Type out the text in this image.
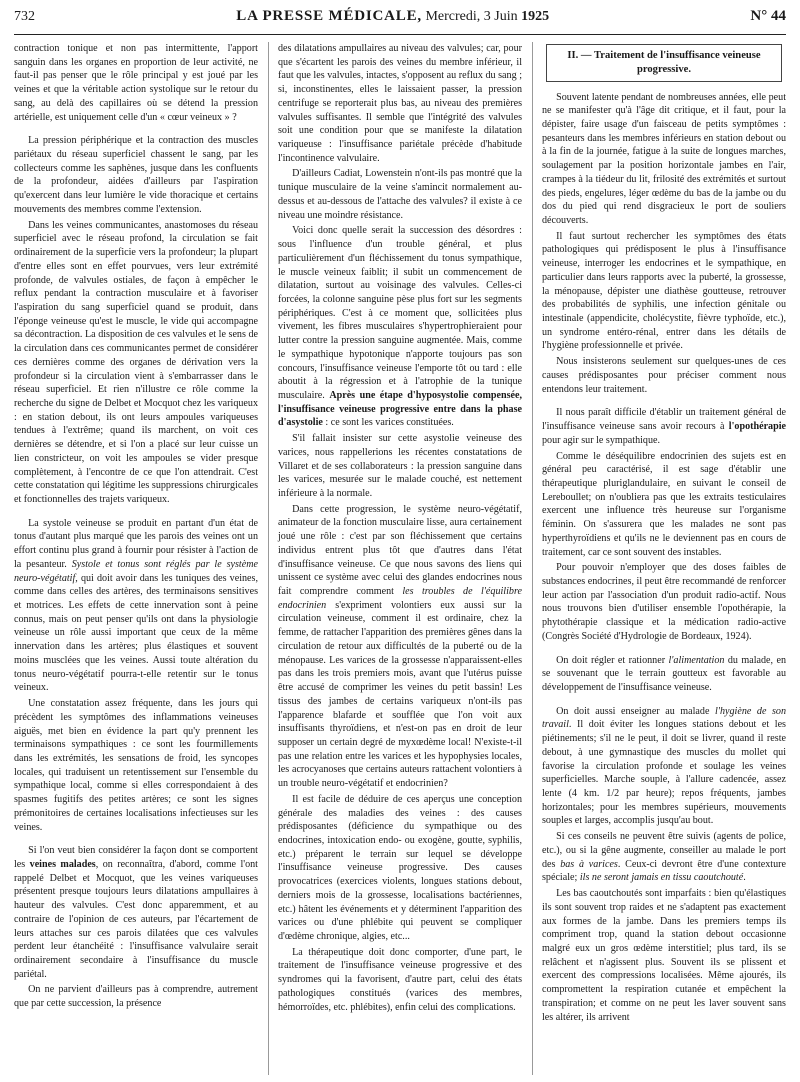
732	LA PRESSE MÉDICALE, Mercredi, 3 Juin 1925	N° 44

contraction tonique et non pas intermittente, l'apport sanguin dans les organes en proportion de leur activité, ne faut-il pas penser que le rôle principal y est joué par les veines et que la véritable action systolique sur le retour du sang, au delà des capillaires où se détend la pression artérielle, est uniquement celle d'un « cœur veineux » ?

La pression périphérique et la contraction des muscles pariétaux du réseau superficiel chassent le sang, par les collecteurs comme les saphènes, jusque dans les confluents de la profondeur, aidées d'ailleurs par l'aspiration qu'exercent dans leur lumière le vide thoracique et certains mouvements des membres comme l'extension.

Dans les veines communicantes, anastomoses du réseau superficiel avec le réseau profond, la circulation se fait ordinairement de la superficie vers la profondeur; la plupart d'entre elles sont en effet pourvues, vers leur extrémité profonde, de valvules ostiales, de façon à empêcher le reflux pendant la contraction musculaire et à favoriser l'aspiration du sang superficiel quand se produit, dans l'éponge veineuse qu'est le muscle, le vide qui accompagne sa décontraction. La disposition de ces valvules et le sens de la circulation dans ces communicantes permet de considérer ces dernières comme des organes de dérivation vers la profondeur si la circulation vient à s'embarrasser dans le réseau superficiel. Et rien n'illustre ce rôle comme la recherche du signe de Delbet et Mocquot chez les variqueux : en station debout, ils ont leurs ampoules variqueuses tendues à l'extrême; quand ils marchent, on voit ces dernières se détendre, et si l'on a placé sur leur cuisse un lien constricteur, on voit les ampoules se vider presque complètement, à l'encontre de ce que l'on attendrait. C'est cette constatation qui légitime les suppressions chirurgicales et fonctionnelles des trajets variqueux.

La systole veineuse se produit en partant d'un état de tonus d'autant plus marqué que les parois des veines ont un effort continu plus grand à fournir pour résister à l'action de la pesanteur. Systole et tonus sont réglés par le système neuro-végétatif, qui doit avoir dans les tuniques des veines, comme dans celles des artères, des terminaisons sensitives et motrices. Les effets de cette innervation sont à peine connus, mais on peut penser qu'ils ont dans la physiologie veineuse un rôle aussi important que ceux de la même innervation dans les artères; plus élastiques et souvent moins musclées que les veines. Aussi toute altération du tonus neuro-végétatif pourra-t-elle retentir sur le tonus veineux.

Une constatation assez fréquente, dans les jours qui précèdent les symptômes des inflammations veineuses aiguës, met bien en évidence la part qu'y prennent les terminaisons sympathiques : ce sont les fourmillements dans les extrémités, les sensations de froid, les syncopes locales, qui traduisent un retentissement sur l'ensemble du sympathique local, comme si elles correspondaient à des spasmes fugitifs des petites artères; ce sont les signes prémonitoires de certaines localisations infectieuses sur les veines.

Si l'on veut bien considérer la façon dont se comportent les veines malades, on reconnaîtra, d'abord, comme l'ont rappelé Delbet et Mocquot, que les veines variqueuses présentent presque toujours leurs dilatations ampullaires à hauteur des valvules. C'est donc apparemment, et au contraire de l'opinion de ces auteurs, par l'écartement de leurs attaches sur ces parois dilatées que ces valvules perdent leur étanchéité : l'insuffisance valvulaire serait ordinairement secondaire à l'insuffisance du muscle pariétal.

On ne parvient d'ailleurs pas à comprendre, autrement que par cette succession, la présence

des dilatations ampullaires au niveau des valvules; car, pour que s'écartent les parois des veines du membre inférieur, il faut que les valvules, intactes, s'opposent au reflux du sang ; si, inconstinentes, elles le laissaient passer, la pression centrifuge se reporterait plus bas, au niveau des premières valvules suffisantes. Il semble que l'intégrité des valvules soit une condition pour que se manifeste la dilatation variqueuse : l'insuffisance pariétale précède d'habitude l'incontinence valvulaire.

D'ailleurs Cadiat, Lowenstein n'ont-ils pas montré que la tunique musculaire de la veine s'amincit normalement au-dessus et au-dessous de l'attache des valvules? il existe à ce niveau une moindre résistance.

Voici donc quelle serait la succession des désordres : sous l'influence d'un trouble général, et plus particulièrement d'un fléchissement du tonus sympathique, le muscle veineux faiblit; il subit un commencement de dilatation, surtout au voisinage des valvules. Celles-ci forcées, la colonne sanguine pèse plus fort sur les segments périphériques. C'est à ce moment que, sollicitées plus vivement, les fibres musculaires s'hypertrophieraient pour lutter contre la pression sanguine augmentée. Mais, comme le sympathique hypotonique n'apporte toujours pas son concours, l'insuffisance veineuse l'emporte tôt ou tard : elle aboutit à la régression et à l'atrophie de la tunique musculaire. Après une étape d'hyposystolie compensée, l'insuffisance veineuse progressive entre dans la phase d'asystolie : ce sont les varices constituées.

S'il fallait insister sur cette asystolie veineuse des varices, nous rappellerions les récentes constatations de Villaret et de ses collaborateurs : la pression sanguine dans les varices, mesurée sur le malade couché, est nettement inférieure à la normale.

Dans cette progression, le système neuro-végétatif, animateur de la fonction musculaire lisse, aura certainement joué une rôle : c'est par son fléchissement que certains individus entrent plus tôt que d'autres dans l'état d'insuffisance veineuse. Ce que nous savons des liens qui unissent ce système avec celui des glandes endocrines nous fait comprendre comment les troubles de l'équilibre endocrinien s'expriment volontiers eux aussi sur la circulation veineuse, comment il est ordinaire, chez la femme, de rattacher l'apparition des premières gênes dans la circulation de retour aux difficultés de la puberté ou de la ménopause. Les varices de la grossesse n'apparaissent-elles pas dans les trois premiers mois, avant que l'utérus puisse être accusé de comprimer les veines du petit bassin! Les tissus des jambes de certains variqueux n'ont-ils pas l'apparence blafarde et soufflée que l'on voit aux insuffisants thyroïdiens, et n'est-on pas en droit de leur supposer un certain degré de myxœdème local! N'existe-t-il pas une relation entre les varices et les hypophysies locales, les acrocyanoses que certains auteurs rattachent volontiers à un trouble neuro-végétatif et endocrinien?

Il est facile de déduire de ces aperçus une conception générale des maladies des veines : des causes prédisposantes (déficience du sympathique ou des endocrines, intoxication endo- ou exogène, goutte, syphilis, etc.) préparent le terrain sur lequel se développe l'insuffisance veineuse progressive. Des causes provocatrices (exercices violents, longues stations debout, derniers mois de la grossesse, localisations bactériennes, etc.) hâtent les événements et y déterminent l'apparition des varices ou d'une phlébite qui peuvent se compliquer d'œdème chronique, algies, etc...

La thérapeutique doit donc comporter, d'une part, le traitement de l'insuffisance veineuse progressive et des syndromes qui la favorisent, d'autre part, celui des états pathologiques constitués (varices des membres, hémorroïdes, etc. phlébites), enfin celui des complications.

II. — Traitement de l'insuffisance veineuse progressive.

Souvent latente pendant de nombreuses années, elle peut ne se manifester qu'à l'âge dit critique, et il faut, pour la dépister, faire usage d'un faisceau de petits symptômes : pesanteurs dans les membres inférieurs en station debout ou à la fin de la journée, fatigue à la suite de longues marches, soulagement par la position horizontale jambes en l'air, crampes à la tiédeur du lit, frilosité des extrémités et surtout des pieds, engelures, léger œdème du bas de la jambe ou du dos du pied qui rend disgracieux le port de souliers découverts.

Il faut surtout rechercher les symptômes des états pathologiques qui prédisposent le plus à l'insuffisance veineuse, interroger les endocrines et le sympathique, en particulier dans leurs rapports avec la puberté, la grossesse, la ménopause, dépister une diathèse goutteuse, retrouver des probabilités de syphilis, une infection génitale ou intestinale (appendicite, cholécystite, fièvre typhoïde, etc.), un syndrome entéro-rénal, entrer dans les détails de l'hygiène professionnelle et privée.

Nous insisterons seulement sur quelques-unes de ces causes prédisposantes pour préciser comment nous entendons leur traitement.

Il nous paraît difficile d'établir un traitement général de l'insuffisance veineuse sans avoir recours à l'opothérapie pour agir sur le sympathique.

Comme le déséquilibre endocrinien des sujets est en général peu caractérisé, il est sage d'établir une thérapeutique pluriglandulaire, en suivant le conseil de Lereboullet; on n'oubliera pas que les extraits testiculaires exercent une influence très heureuse sur l'organisme féminin. On s'assurera que les malades ne sont pas hyperthyroïdiens et qu'ils ne le deviennent pas en cours de traitement, car ce sont souvent des instables.

Pour pouvoir n'employer que des doses faibles de substances endocrines, il peut être recommandé de renforcer leur action par l'association d'un produit radio-actif. Nous nous trouvons bien d'utiliser ensemble l'opothérapie, la phytothérapie classique et la médication radio-active (Congrès Société d'Hydrologie de Bordeaux, 1924).

On doit régler et rationner l'alimentation du malade, en se souvenant que le terrain goutteux est favorable au développement de l'insuffisance veineuse.

On doit aussi enseigner au malade l'hygiène de son travail. Il doit éviter les longues stations debout et les piétinements; s'il ne le peut, il doit se livrer, quand il reste debout, à une gymnastique des muscles du mollet qui favorise la circulation profonde et soulage les veines superficielles. Marche souple, à l'allure cadencée, assez lente (4 km. 1/2 par heure); repos fréquents, jambes horizontales; pour les membres supérieurs, mouvements souples et larges, accomplis jusqu'au bout.

Si ces conseils ne peuvent être suivis (agents de police, etc.), ou si la gêne augmente, conseiller au malade le port des bas à varices. Ceux-ci devront être d'une contexture spéciale; ils ne seront jamais en tissu caoutchouté.

Les bas caoutchoutés sont imparfaits : bien qu'élastiques ils sont souvent trop raides et ne s'adaptent pas exactement aux formes de la jambe. Dans les premiers temps ils compriment trop, quand la station debout occasionne malgré eux un gros œdème interstitiel; plus tard, ils se relâchent et n'agissent plus. Souvent ils se plissent et exercent des compressions localisées. Même ajourés, ils compromettent la respiration cutanée et empêchent la transpiration; et comme on ne peut les laver souvent sans les altérer, ils arrivent
